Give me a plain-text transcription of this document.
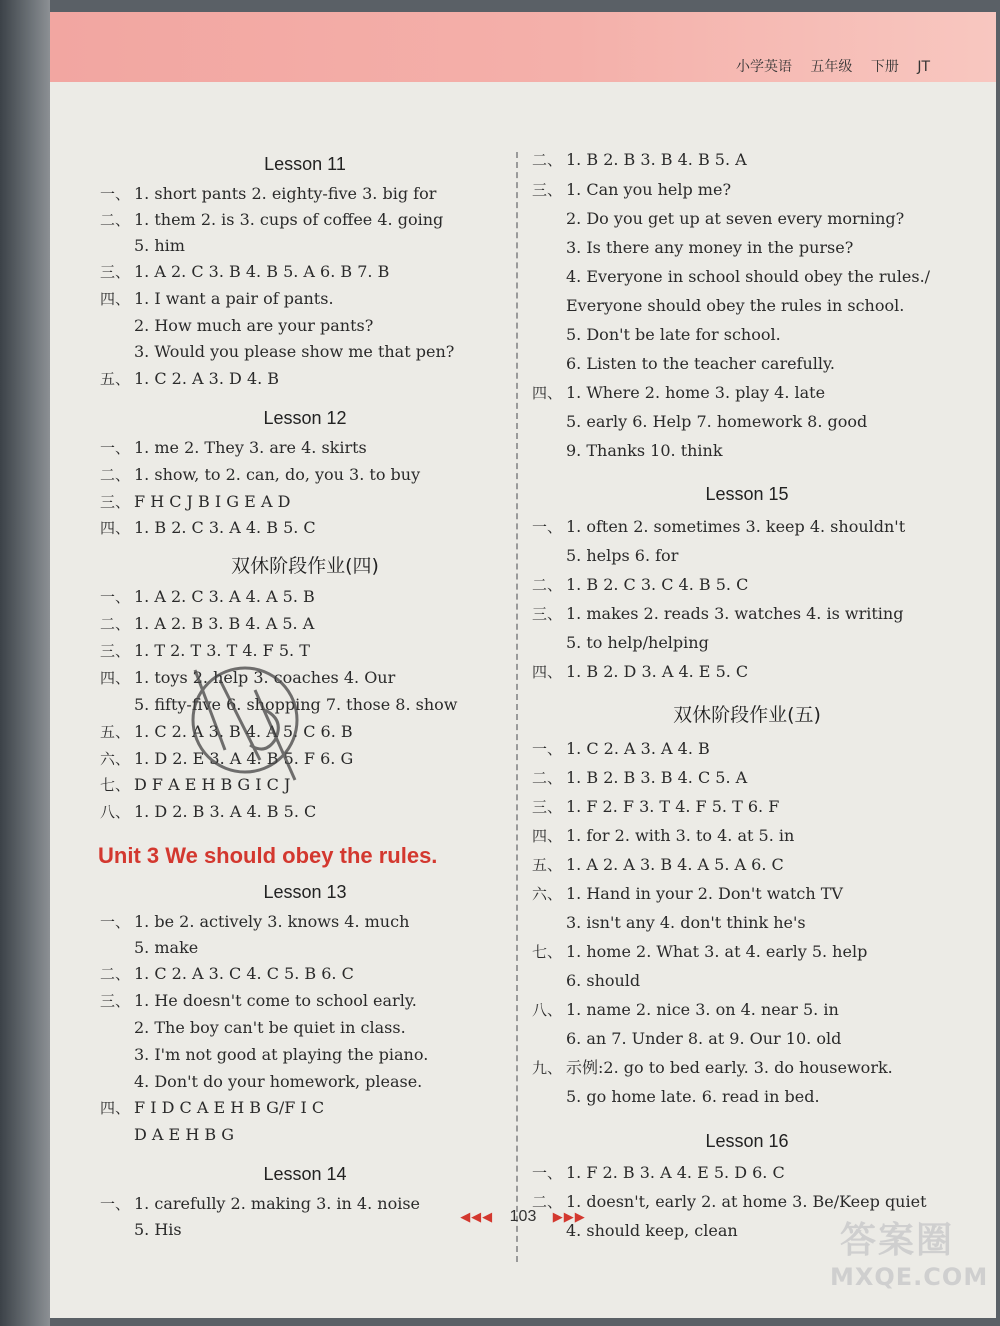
小学英语 五年级 下册 JT
Lesson 11
一、 1. short pants 2. eighty-five 3. big for
二、 1. them 2. is 3. cups of coffee 4. going
5. him
三、 1. A 2. C 3. B 4. B 5. A 6. B 7. B
四、 1. I want a pair of pants.
2. How much are your pants?
3. Would you please show me that pen?
五、 1. C 2. A 3. D 4. B
Lesson 12
一、 1. me 2. They 3. are 4. skirts
二、 1. show, to 2. can, do, you 3. to buy
三、 F H C J B I G E A D
四、 1. B 2. C 3. A 4. B 5. C
双休阶段作业(四)
一、 1. A 2. C 3. A 4. A 5. B
二、 1. A 2. B 3. B 4. A 5. A
三、 1. T 2. T 3. T 4. F 5. T
四、 1. toys 2. help 3. coaches 4. Our
5. fifty-five 6. shopping 7. those 8. show
五、 1. C 2. A 3. B 4. A 5. C 6. B
六、 1. D 2. E 3. A 4. B 5. F 6. G
七、 D F A E H B G I C J
八、 1. D 2. B 3. A 4. B 5. C
Unit 3 We should obey the rules.
Lesson 13
一、 1. be 2. actively 3. knows 4. much
5. make
二、 1. C 2. A 3. C 4. C 5. B 6. C
三、 1. He doesn't come to school early.
2. The boy can't be quiet in class.
3. I'm not good at playing the piano.
4. Don't do your homework, please.
四、 F I D C A E H B G/F I C
D A E H B G
Lesson 14
一、 1. carefully 2. making 3. in 4. noise
5. His
二、 1. B 2. B 3. B 4. B 5. A
三、 1. Can you help me?
2. Do you get up at seven every morning?
3. Is there any money in the purse?
4. Everyone in school should obey the rules./
Everyone should obey the rules in school.
5. Don't be late for school.
6. Listen to the teacher carefully.
四、 1. Where 2. home 3. play 4. late
5. early 6. Help 7. homework 8. good
9. Thanks 10. think
Lesson 15
一、 1. often 2. sometimes 3. keep 4. shouldn't
5. helps 6. for
二、 1. B 2. C 3. C 4. B 5. C
三、 1. makes 2. reads 3. watches 4. is writing
5. to help/helping
四、 1. B 2. D 3. A 4. E 5. C
双休阶段作业(五)
一、 1. C 2. A 3. A 4. B
二、 1. B 2. B 3. B 4. C 5. A
三、 1. F 2. F 3. T 4. F 5. T 6. F
四、 1. for 2. with 3. to 4. at 5. in
五、 1. A 2. A 3. B 4. A 5. A 6. C
六、 1. Hand in your 2. Don't watch TV
3. isn't any 4. don't think he's
七、 1. home 2. What 3. at 4. early 5. help
6. should
八、 1. name 2. nice 3. on 4. near 5. in
6. an 7. Under 8. at 9. Our 10. old
九、 示例:2. go to bed early. 3. do housework.
5. go home late. 6. read in bed.
Lesson 16
一、 1. F 2. B 3. A 4. E 5. D 6. C
二、 1. doesn't, early 2. at home 3. Be/Keep quiet
4. should keep, clean
◀◀◀ 103 ▶▶▶
答案圈
MXQE.COM
